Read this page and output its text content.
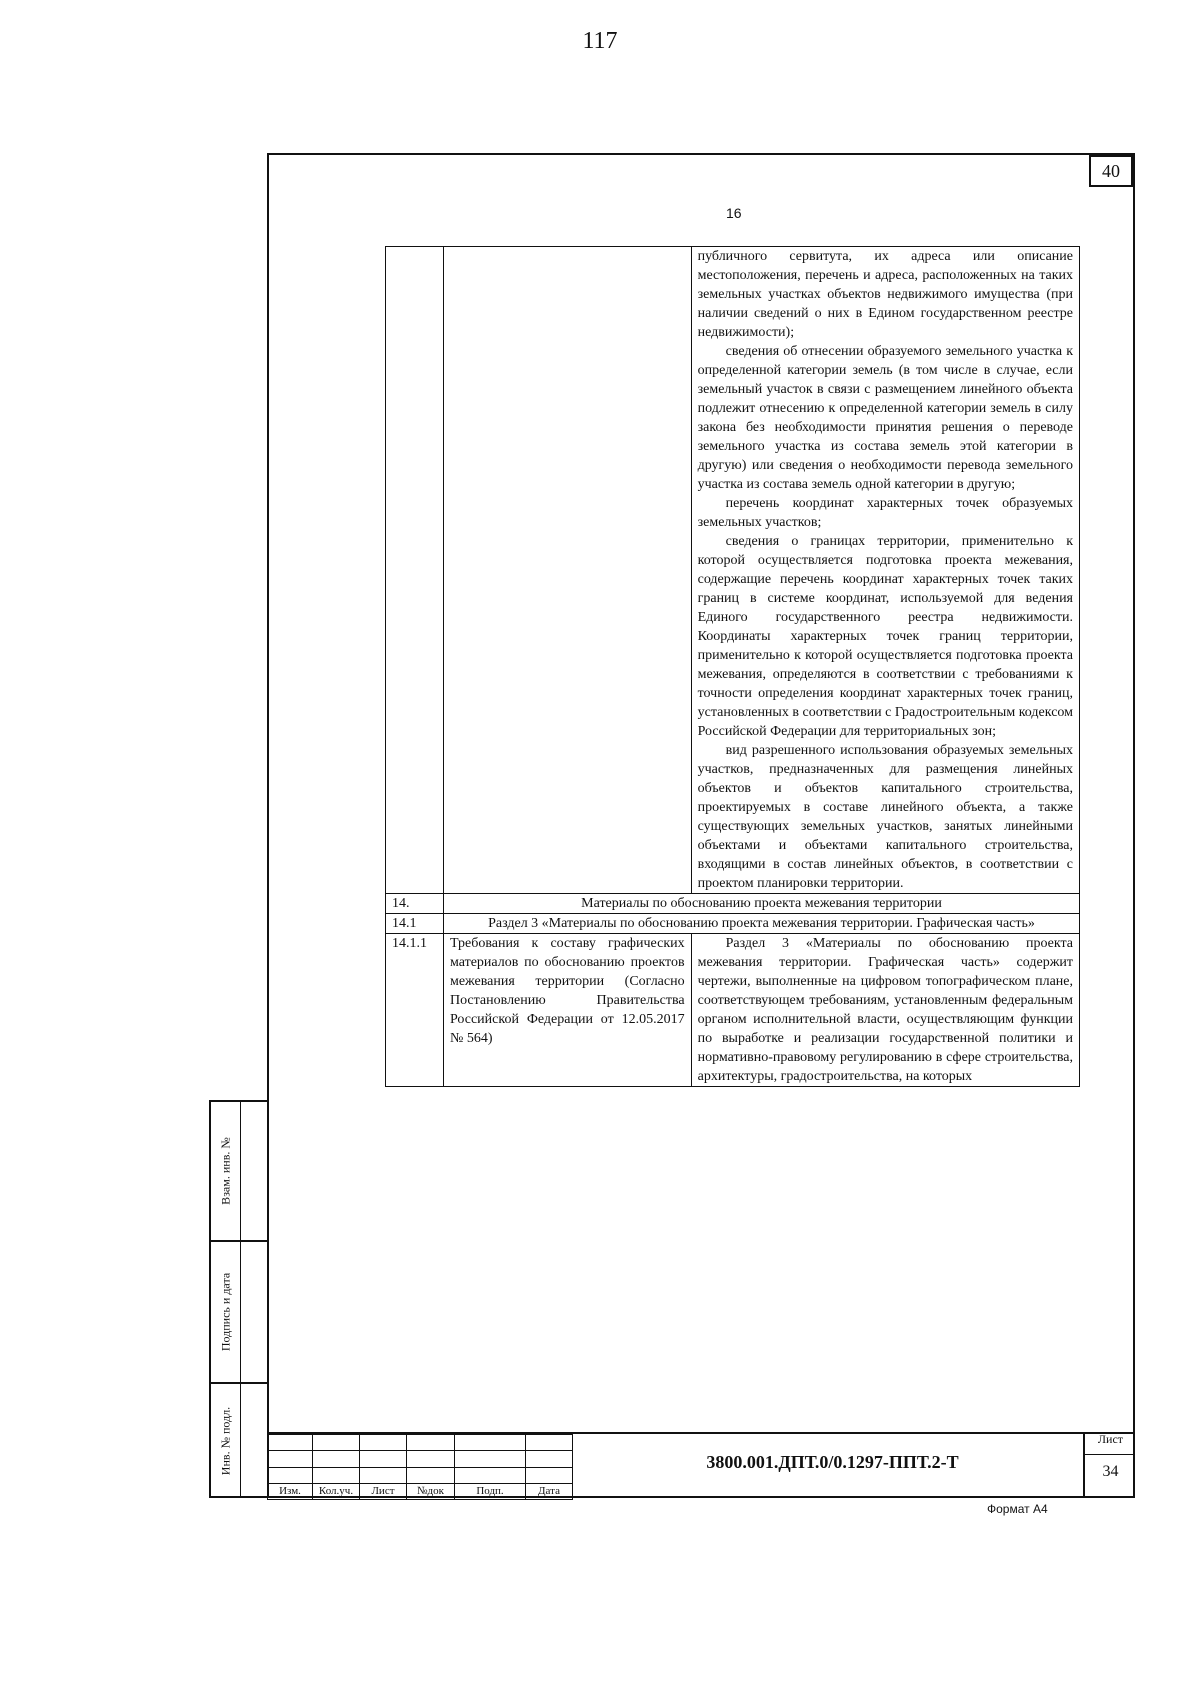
117
40
16

		публичного сервитута, их адреса или описание местоположения, перечень и адреса, расположенных на таких земельных участках объектов недвижимого имущества (при наличии сведений о них в Едином государственном реестре недвижимости);

сведения об отнесении образуемого земельного участка к определенной категории земель (в том числе в случае, если земельный участок в связи с размещением линейного объекта подлежит отнесению к определенной категории земель в силу закона без необходимости принятия решения о переводе земельного участка из состава земель этой категории в другую) или сведения о необходимости перевода земельного участка из состава земель одной категории в другую;

перечень координат характерных точек образуемых земельных участков;

сведения о границах территории, применительно к которой осуществляется подготовка проекта межевания, содержащие перечень координат характерных точек таких границ в системе координат, используемой для ведения Единого государственного реестра недвижимости. Координаты характерных точек границ территории, применительно к которой осуществляется подготовка проекта межевания, определяются в соответствии с требованиями к точности определения координат характерных точек границ, установленных в соответствии с Градостроительным кодексом Российской Федерации для территориальных зон;

вид разрешенного использования образуемых земельных участков, предназначенных для размещения линейных объектов и объектов капитального строительства, проектируемых в составе линейного объекта, а также существующих земельных участков, занятых линейными объектами и объектами капитального строительства, входящими в состав линейных объектов, в соответствии с проектом планировки территории.

14.	Материалы по обоснованию проекта межевания территории	
14.1	Раздел 3 «Материалы по обоснованию проекта межевания территории. Графическая часть»	
14.1.1	Требования к составу графических материалов по обоснованию проектов межевания территории (Согласно Постановлению Правительства Российской Федерации от 12.05.2017 № 564)	Раздел 3 «Материалы по обоснованию проекта межевания территории. Графическая часть» содержит чертежи, выполненные на цифровом топографическом плане, соответствующем требованиям, установленным федеральным органом исполнительной власти, осуществляющим функции по выработке и реализации государственной политики и нормативно-правовому регулированию в сфере строительства, архитектуры, градостроительства, на которых

Взам. инв. №
Подпись и дата
Инв. № подл.

Изм.	Кол.уч.	Лист	№док	Подп.	Дата
3800.001.ДПТ.0/0.1297-ППТ.2-Т
Лист
34
Формат А4
